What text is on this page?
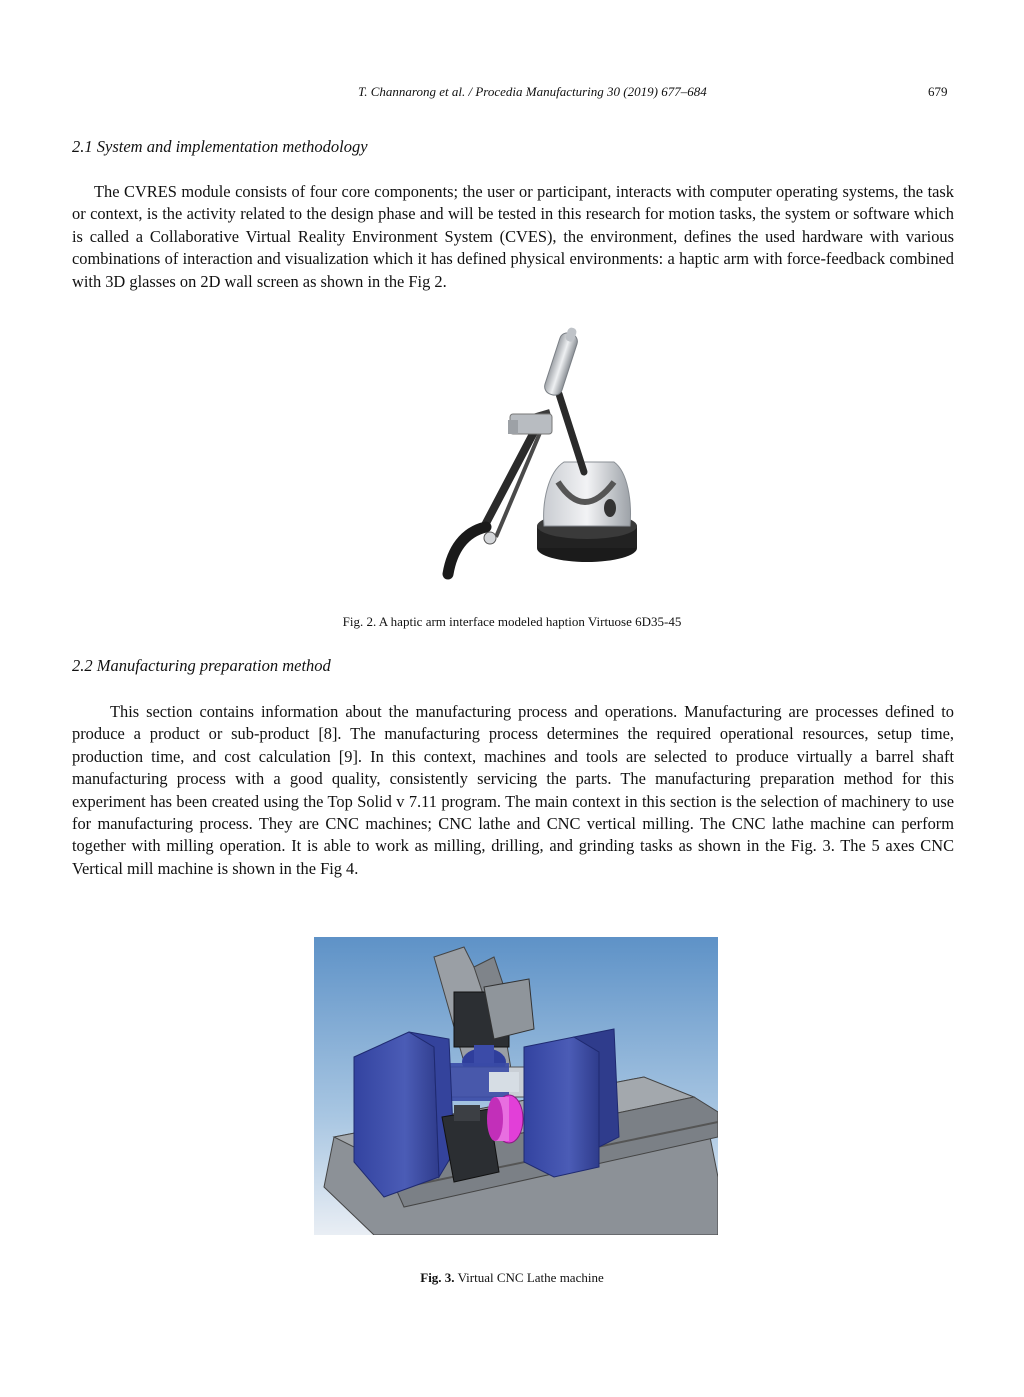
T. Channarong et al. / Procedia Manufacturing 30 (2019) 677–684	679
2.1 System and implementation methodology

The CVRES module consists of four core components; the user or participant, interacts with computer operating systems, the task or context, is the activity related to the design phase and will be tested in this research for motion tasks, the system or software which is called a Collaborative Virtual Reality Environment System (CVES), the environment, defines the used hardware with various combinations of interaction and visualization which it has defined physical environments: a haptic arm with force-feedback combined with 3D glasses on 2D wall screen as shown in the Fig 2.

Fig. 2. A haptic arm interface modeled haption Virtuose 6D35-45
2.2 Manufacturing preparation method

This section contains information about the manufacturing process and operations. Manufacturing are processes defined to produce a product or sub-product [8]. The manufacturing process determines the required operational resources, setup time, production time, and cost calculation [9]. In this context, machines and tools are selected to produce virtually a barrel shaft manufacturing process with a good quality, consistently servicing the parts. The manufacturing preparation method for this experiment has been created using the Top Solid v 7.11 program. The main context in this section is the selection of machinery to use for manufacturing process. They are CNC machines; CNC lathe and CNC vertical milling. The CNC lathe machine can perform together with milling operation. It is able to work as milling, drilling, and grinding tasks as shown in the Fig. 3. The 5 axes CNC Vertical mill machine is shown in the Fig 4.

Fig. 3. Virtual CNC Lathe machine
